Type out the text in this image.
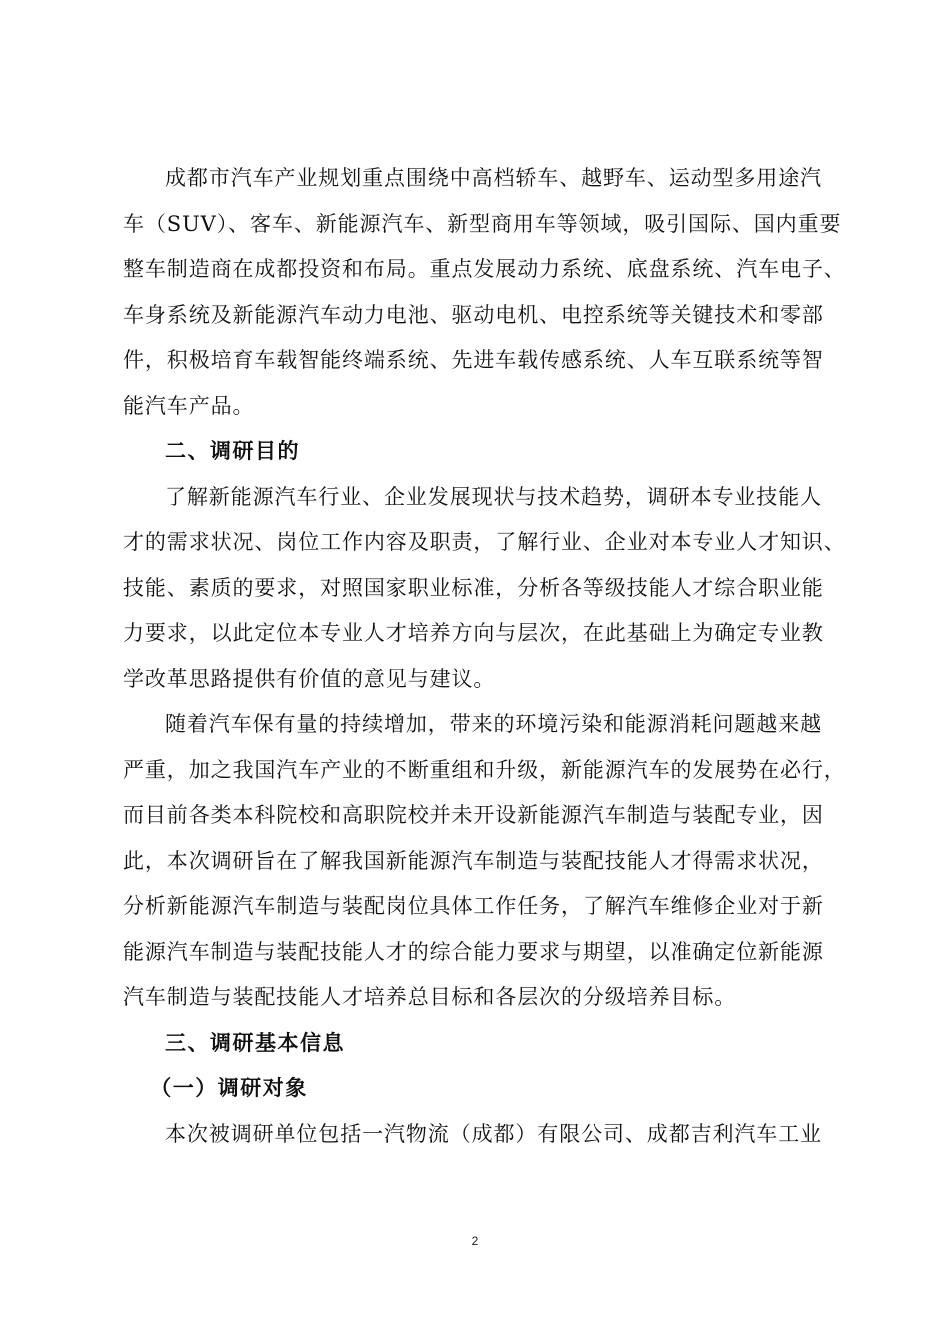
成都市汽车产业规划重点围绕中高档轿车、越野车、运动型多用途汽
车（SUV）、客车、新能源汽车、新型商用车等领域，吸引国际、国内重要
整车制造商在成都投资和布局。重点发展动力系统、底盘系统、汽车电子、
车身系统及新能源汽车动力电池、驱动电机、电控系统等关键技术和零部
件，积极培育车载智能终端系统、先进车载传感系统、人车互联系统等智
能汽车产品。

二、调研目的

了解新能源汽车行业、企业发展现状与技术趋势，调研本专业技能人
才的需求状况、岗位工作内容及职责，了解行业、企业对本专业人才知识、
技能、素质的要求，对照国家职业标准，分析各等级技能人才综合职业能
力要求，以此定位本专业人才培养方向与层次，在此基础上为确定专业教
学改革思路提供有价值的意见与建议。

随着汽车保有量的持续增加，带来的环境污染和能源消耗问题越来越
严重，加之我国汽车产业的不断重组和升级，新能源汽车的发展势在必行，
而目前各类本科院校和高职院校并未开设新能源汽车制造与装配专业，因
此，本次调研旨在了解我国新能源汽车制造与装配技能人才得需求状况，
分析新能源汽车制造与装配岗位具体工作任务，了解汽车维修企业对于新
能源汽车制造与装配技能人才的综合能力要求与期望，以准确定位新能源
汽车制造与装配技能人才培养总目标和各层次的分级培养目标。

三、调研基本信息

（一）调研对象

本次被调研单位包括一汽物流（成都）有限公司、成都吉利汽车工业

2
